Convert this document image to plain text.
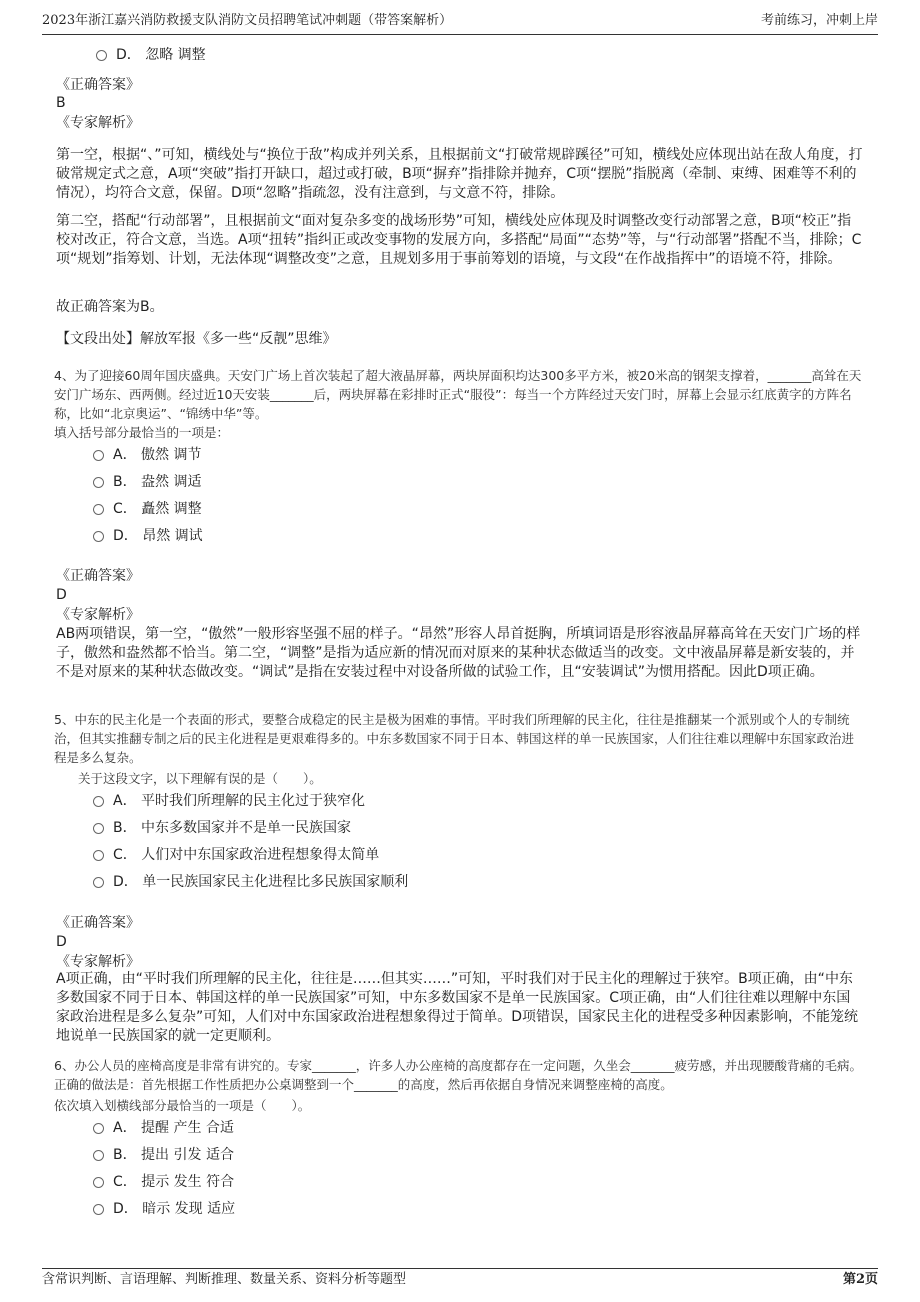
2023年浙江嘉兴消防救援支队消防文员招聘笔试冲刺题（带答案解析）	考前练习，冲刺上岸
D． 忽略 调整
《正确答案》
B
《专家解析》
第一空，根据“、”可知，横线处与“换位于敌”构成并列关系，且根据前文“打破常规辟蹊径”可知，横线处应体现出站在敌人角度，打破常规定式之意，A项“突破”指打开缺口，超过或打破，B项“摒弃”指排除并抛弃，C项“摆脱”指脱离（牵制、束缚、困难等不利的情况），均符合文意，保留。D项“忽略”指疏忽，没有注意到，与文意不符，排除。
第二空，搭配“行动部署”，且根据前文“面对复杂多变的战场形势”可知，横线处应体现及时调整改变行动部署之意，B项“校正”指校对改正，符合文意，当选。A项“扭转”指纠正或改变事物的发展方向，多搭配“局面”“态势”等，与“行动部署”搭配不当，排除；C项“规划”指筹划、计划，无法体现“调整改变”之意，且规划多用于事前筹划的语境，与文段“在作战指挥中”的语境不符，排除。
故正确答案为B。
【文段出处】解放军报《多一些“反靓”思维》
4、为了迎接60周年国庆盛典。天安门广场上首次装起了超大液晶屏幕，两块屏面积均达300多平方米，被20米高的钢架支撑着，_______高耸在天安门广场东、西两侧。经过近10天安装_______后，两块屏幕在彩排时正式“服役”：每当一个方阵经过天安门时，屏幕上会显示红底黄字的方阵名称，比如“北京奥运”、“锦绣中华”等。
填入括号部分最恰当的一项是：
A． 傲然 调节
B． 盎然 调适
C． 矗然 调整
D． 昂然 调试
《正确答案》
D
《专家解析》
AB两项错误，第一空，“傲然”一般形容坚强不屈的样子。“昂然”形容人昂首挺胸，所填词语是形容液晶屏幕高耸在天安门广场的样子，傲然和盎然都不恰当。第二空，“调整”是指为适应新的情况而对原来的某种状态做适当的改变。文中液晶屏幕是新安装的，并不是对原来的某种状态做改变。“调试”是指在安装过程中对设备所做的试验工作，且“安装调试”为惯用搭配。因此D项正确。
5、中东的民主化是一个表面的形式，要整合成稳定的民主是极为困难的事情。平时我们所理解的民主化，往往是推翻某一个派别或个人的专制统治，但其实推翻专制之后的民主化进程是更艰难得多的。中东多数国家不同于日本、韩国这样的单一民族国家，人们往往难以理解中东国家政治进程是多么复杂。
关于这段文字，以下理解有误的是（　　）。
A． 平时我们所理解的民主化过于狭窄化
B． 中东多数国家并不是单一民族国家
C． 人们对中东国家政治进程想象得太简单
D． 单一民族国家民主化进程比多民族国家顺利
《正确答案》
D
《专家解析》
A项正确，由“平时我们所理解的民主化，往往是……但其实……”可知，平时我们对于民主化的理解过于狭窄。B项正确，由“中东多数国家不同于日本、韩国这样的单一民族国家”可知，中东多数国家不是单一民族国家。C项正确，由“人们往往难以理解中东国家政治进程是多么复杂”可知，人们对中东国家政治进程想象得过于简单。D项错误，国家民主化的进程受多种因素影响，不能笼统地说单一民族国家的就一定更顺利。
6、办公人员的座椅高度是非常有讲究的。专家_______，许多人办公座椅的高度都存在一定问题，久坐会_______疲劳感，并出现腰酸背痛的毛病。正确的做法是：首先根据工作性质把办公桌调整到一个_______的高度，然后再依据自身情况来调整座椅的高度。
依次填入划横线部分最恰当的一项是（　　）。
A． 提醒 产生 合适
B． 提出 引发 适合
C． 提示 发生 符合
D． 暗示 发现 适应
含常识判断、言语理解、判断推理、数量关系、资料分析等题型	第2页
